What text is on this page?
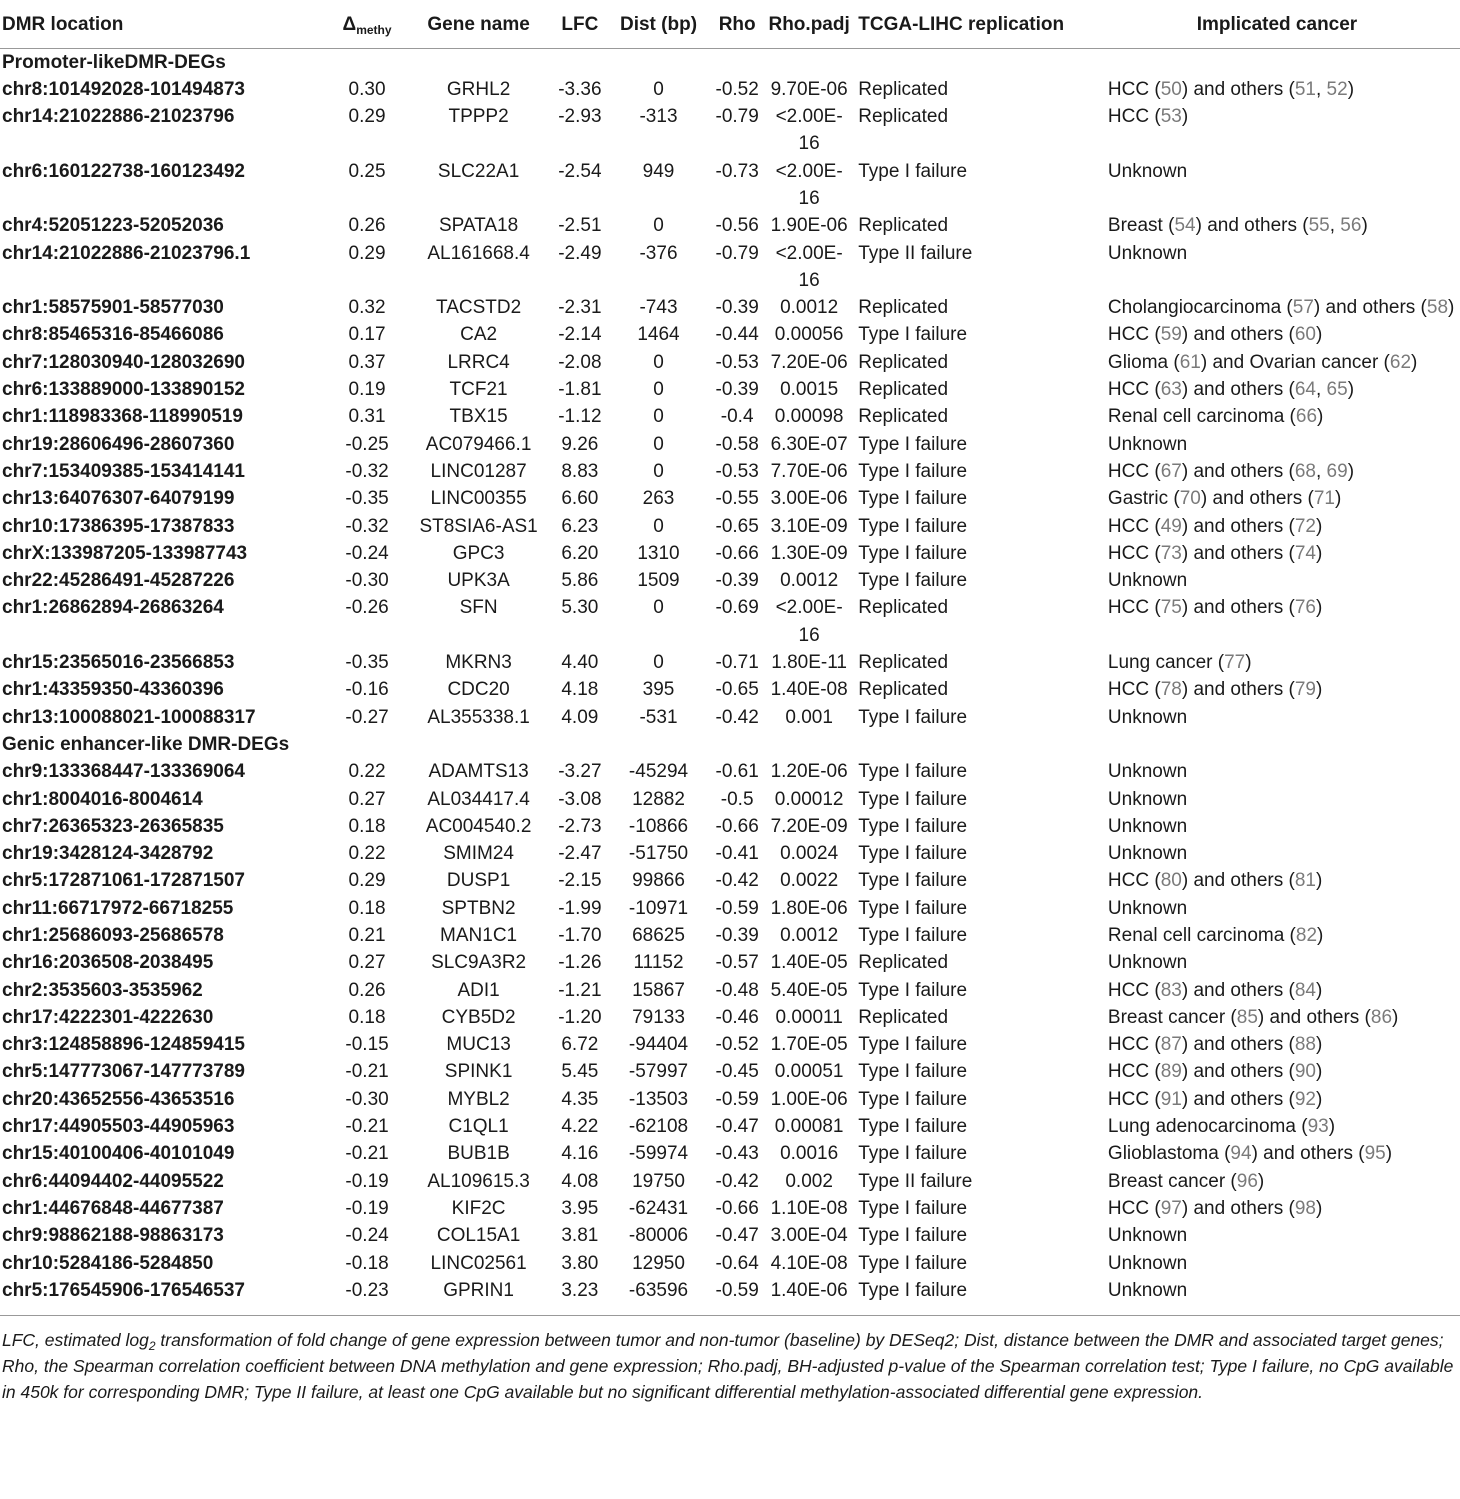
DMR location	$\Delta_{methy}$	Gene name	LFC	Dist (bp)	Rho	Rho.padj	TCGA-LIHC replication	Implicated cancer
Promoter-likeDMR-DEGs								
chr8:101492028-101494873	0.30	GRHL2	-3.36	0	-0.52	9.70E-06	Replicated	HCC (50) and others (51, 52)
chr14:21022886-21023796	0.29	TPPP2	-2.93	-313	-0.79	<2.00E-16	Replicated	HCC (53)
chr6:160122738-160123492	0.25	SLC22A1	-2.54	949	-0.73	<2.00E-16	Type I failure	Unknown
chr4:52051223-52052036	0.26	SPATA18	-2.51	0	-0.56	1.90E-06	Replicated	Breast (54) and others (55, 56)
chr14:21022886-21023796.1	0.29	AL161668.4	-2.49	-376	-0.79	<2.00E-16	Type II failure	Unknown
chr1:58575901-58577030	0.32	TACSTD2	-2.31	-743	-0.39	0.0012	Replicated	Cholangiocarcinoma (57) and others (58)
chr8:85465316-85466086	0.17	CA2	-2.14	1464	-0.44	0.00056	Type I failure	HCC (59) and others (60)
chr7:128030940-128032690	0.37	LRRC4	-2.08	0	-0.53	7.20E-06	Replicated	Glioma (61) and Ovarian cancer (62)
chr6:133889000-133890152	0.19	TCF21	-1.81	0	-0.39	0.0015	Replicated	HCC (63) and others (64, 65)
chr1:118983368-118990519	0.31	TBX15	-1.12	0	-0.4	0.00098	Replicated	Renal cell carcinoma (66)
chr19:28606496-28607360	-0.25	AC079466.1	9.26	0	-0.58	6.30E-07	Type I failure	Unknown
chr7:153409385-153414141	-0.32	LINC01287	8.83	0	-0.53	7.70E-06	Type I failure	HCC (67) and others (68, 69)
chr13:64076307-64079199	-0.35	LINC00355	6.60	263	-0.55	3.00E-06	Type I failure	Gastric (70) and others (71)
chr10:17386395-17387833	-0.32	ST8SIA6-AS1	6.23	0	-0.65	3.10E-09	Type I failure	HCC (49) and others (72)
chrX:133987205-133987743	-0.24	GPC3	6.20	1310	-0.66	1.30E-09	Type I failure	HCC (73) and others (74)
chr22:45286491-45287226	-0.30	UPK3A	5.86	1509	-0.39	0.0012	Type I failure	Unknown
chr1:26862894-26863264	-0.26	SFN	5.30	0	-0.69	<2.00E-16	Replicated	HCC (75) and others (76)
chr15:23565016-23566853	-0.35	MKRN3	4.40	0	-0.71	1.80E-11	Replicated	Lung cancer (77)
chr1:43359350-43360396	-0.16	CDC20	4.18	395	-0.65	1.40E-08	Replicated	HCC (78) and others (79)
chr13:100088021-100088317	-0.27	AL355338.1	4.09	-531	-0.42	0.001	Type I failure	Unknown
Genic enhancer-like DMR-DEGs								
chr9:133368447-133369064	0.22	ADAMTS13	-3.27	-45294	-0.61	1.20E-06	Type I failure	Unknown
chr1:8004016-8004614	0.27	AL034417.4	-3.08	12882	-0.5	0.00012	Type I failure	Unknown
chr7:26365323-26365835	0.18	AC004540.2	-2.73	-10866	-0.66	7.20E-09	Type I failure	Unknown
chr19:3428124-3428792	0.22	SMIM24	-2.47	-51750	-0.41	0.0024	Type I failure	Unknown
chr5:172871061-172871507	0.29	DUSP1	-2.15	99866	-0.42	0.0022	Type I failure	HCC (80) and others (81)
chr11:66717972-66718255	0.18	SPTBN2	-1.99	-10971	-0.59	1.80E-06	Type I failure	Unknown
chr1:25686093-25686578	0.21	MAN1C1	-1.70	68625	-0.39	0.0012	Type I failure	Renal cell carcinoma (82)
chr16:2036508-2038495	0.27	SLC9A3R2	-1.26	11152	-0.57	1.40E-05	Replicated	Unknown
chr2:3535603-3535962	0.26	ADI1	-1.21	15867	-0.48	5.40E-05	Type I failure	HCC (83) and others (84)
chr17:4222301-4222630	0.18	CYB5D2	-1.20	79133	-0.46	0.00011	Replicated	Breast cancer (85) and others (86)
chr3:124858896-124859415	-0.15	MUC13	6.72	-94404	-0.52	1.70E-05	Type I failure	HCC (87) and others (88)
chr5:147773067-147773789	-0.21	SPINK1	5.45	-57997	-0.45	0.00051	Type I failure	HCC (89) and others (90)
chr20:43652556-43653516	-0.30	MYBL2	4.35	-13503	-0.59	1.00E-06	Type I failure	HCC (91) and others (92)
chr17:44905503-44905963	-0.21	C1QL1	4.22	-62108	-0.47	0.00081	Type I failure	Lung adenocarcinoma (93)
chr15:40100406-40101049	-0.21	BUB1B	4.16	-59974	-0.43	0.0016	Type I failure	Glioblastoma (94) and others (95)
chr6:44094402-44095522	-0.19	AL109615.3	4.08	19750	-0.42	0.002	Type II failure	Breast cancer (96)
chr1:44676848-44677387	-0.19	KIF2C	3.95	-62431	-0.66	1.10E-08	Type I failure	HCC (97) and others (98)
chr9:98862188-98863173	-0.24	COL15A1	3.81	-80006	-0.47	3.00E-04	Type I failure	Unknown
chr10:5284186-5284850	-0.18	LINC02561	3.80	12950	-0.64	4.10E-08	Type I failure	Unknown
chr5:176545906-176546537	-0.23	GPRIN1	3.23	-63596	-0.59	1.40E-06	Type I failure	Unknown
LFC, estimated $\log_2$ transformation of fold change of gene expression between tumor and non-tumor (baseline) by DESeq2; Dist, distance between the DMR and associated target genes; Rho, the Spearman correlation coefficient between DNA methylation and gene expression; Rho.padj, BH-adjusted p-value of the Spearman correlation test; Type I failure, no CpG available in 450k for corresponding DMR; Type II failure, at least one CpG available but no significant differential methylation-associated differential gene expression.
